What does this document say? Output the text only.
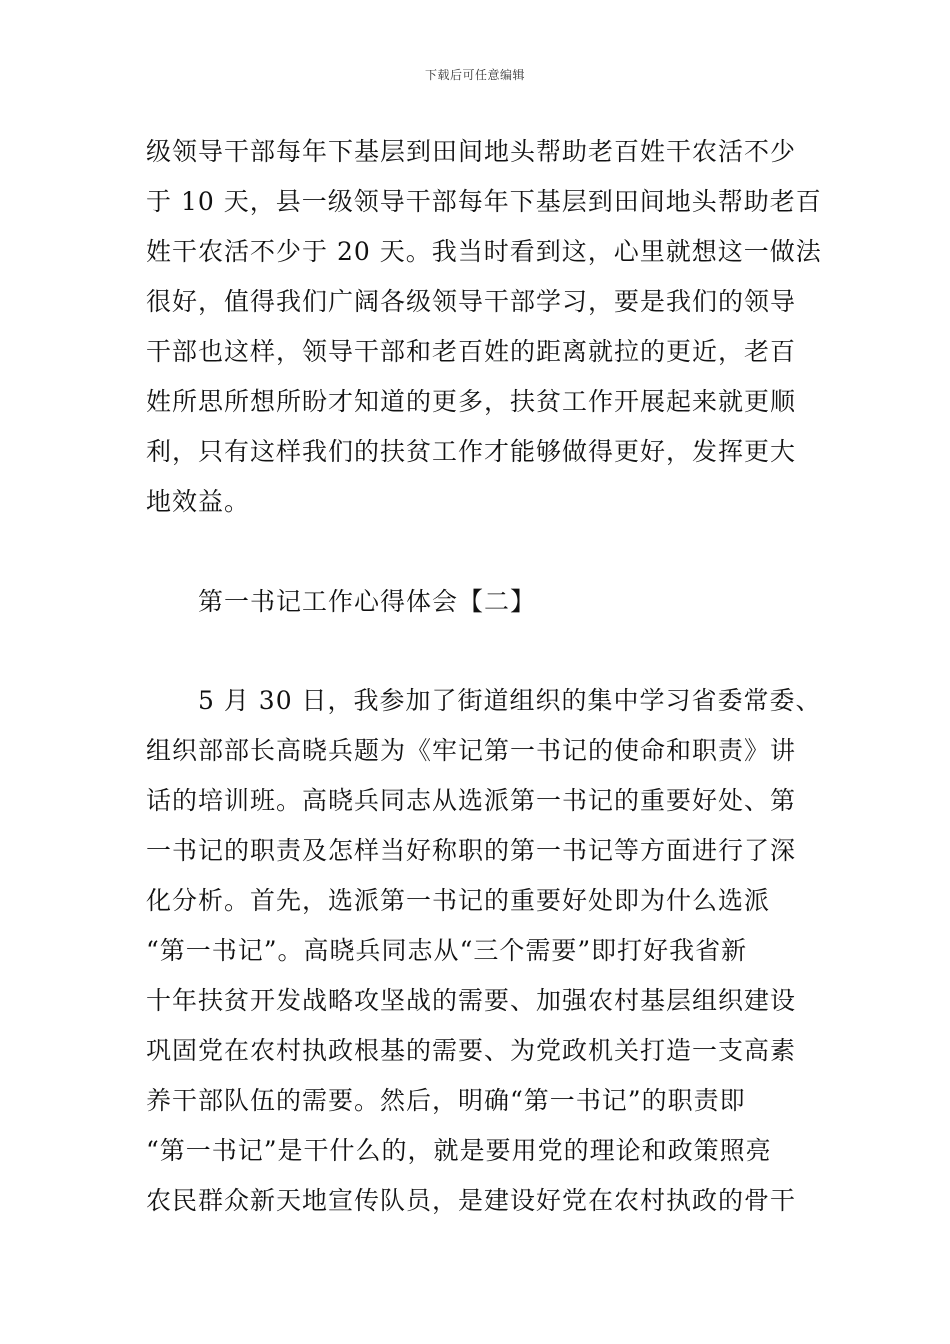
下载后可任意编辑
级领导干部每年下基层到田间地头帮助老百姓干农活不少
于 10 天，县一级领导干部每年下基层到田间地头帮助老百
姓干农活不少于 20 天。我当时看到这，心里就想这一做法
很好，值得我们广阔各级领导干部学习，要是我们的领导
干部也这样，领导干部和老百姓的距离就拉的更近，老百
姓所思所想所盼才知道的更多，扶贫工作开展起来就更顺
利，只有这样我们的扶贫工作才能够做得更好，发挥更大
地效益。
　　第一书记工作心得体会【二】
　　5 月 30 日，我参加了街道组织的集中学习省委常委、
组织部部长高晓兵题为《牢记第一书记的使命和职责》讲
话的培训班。高晓兵同志从选派第一书记的重要好处、第
一书记的职责及怎样当好称职的第一书记等方面进行了深
化分析。首先，选派第一书记的重要好处即为什么选派
“第一书记”。高晓兵同志从“三个需要”即打好我省新
十年扶贫开发战略攻坚战的需要、加强农村基层组织建设
巩固党在农村执政根基的需要、为党政机关打造一支高素
养干部队伍的需要。然后，明确“第一书记”的职责即
“第一书记”是干什么的，就是要用党的理论和政策照亮
农民群众新天地宣传队员，是建设好党在农村执政的骨干
